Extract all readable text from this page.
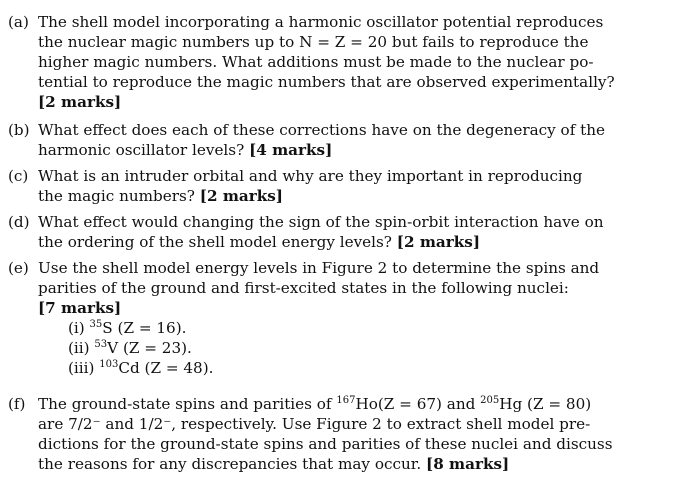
(a) The shell model incorporating a harmonic oscillator potential reproduces
the nuclear magic numbers up to N = Z = 20 but fails to reproduce the
higher magic numbers. What additions must be made to the nuclear po-
tential to reproduce the magic numbers that are observed experimentally?
[2 marks]
(b) What effect does each of these corrections have on the degeneracy of the
harmonic oscillator levels? [4 marks]
(c) What is an intruder orbital and why are they important in reproducing
the magic numbers? [2 marks]
(d) What effect would changing the sign of the spin-orbit interaction have on
the ordering of the shell model energy levels? [2 marks]
(e) Use the shell model energy levels in Figure 2 to determine the spins and
parities of the ground and first-excited states in the following nuclei:
[7 marks]
(i) $^{35}$S (Z = 16).
(ii) $^{53}$V (Z = 23).
(iii) $^{103}$Cd (Z = 48).
(f) The ground-state spins and parities of $^{167}$Ho(Z = 67) and $^{205}$Hg (Z = 80)
are 7/2⁻ and 1/2⁻, respectively. Use Figure 2 to extract shell model pre-
dictions for the ground-state spins and parities of these nuclei and discuss
the reasons for any discrepancies that may occur. [8 marks]
